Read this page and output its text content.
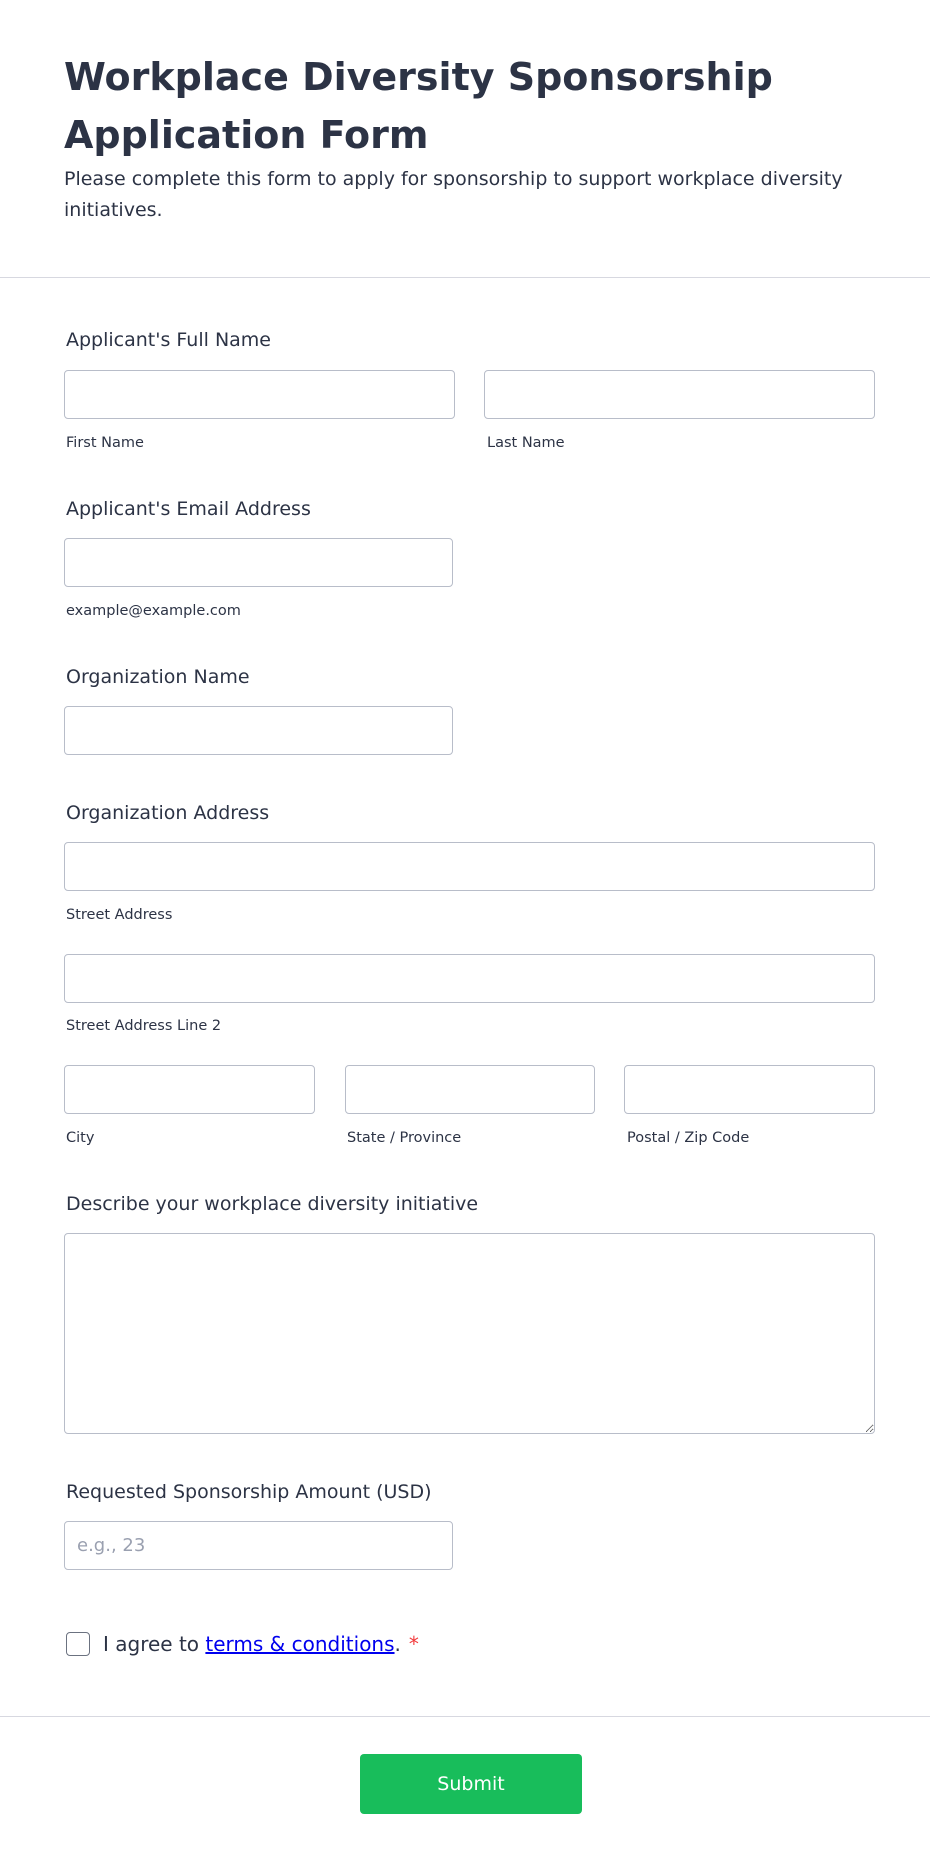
Workplace Diversity Sponsorship Application Form

Please complete this form to apply for sponsorship to support workplace diversity initiatives.

Applicant's Full Name
First Name	Last Name
Applicant's Email Address
example@example.com
Organization Name
Organization Address
Street Address
Street Address Line 2
City	State / Province	Postal / Zip Code
Describe your workplace diversity initiative
Requested Sponsorship Amount (USD)
e.g., 23
I agree to terms & conditions. *
Submit
